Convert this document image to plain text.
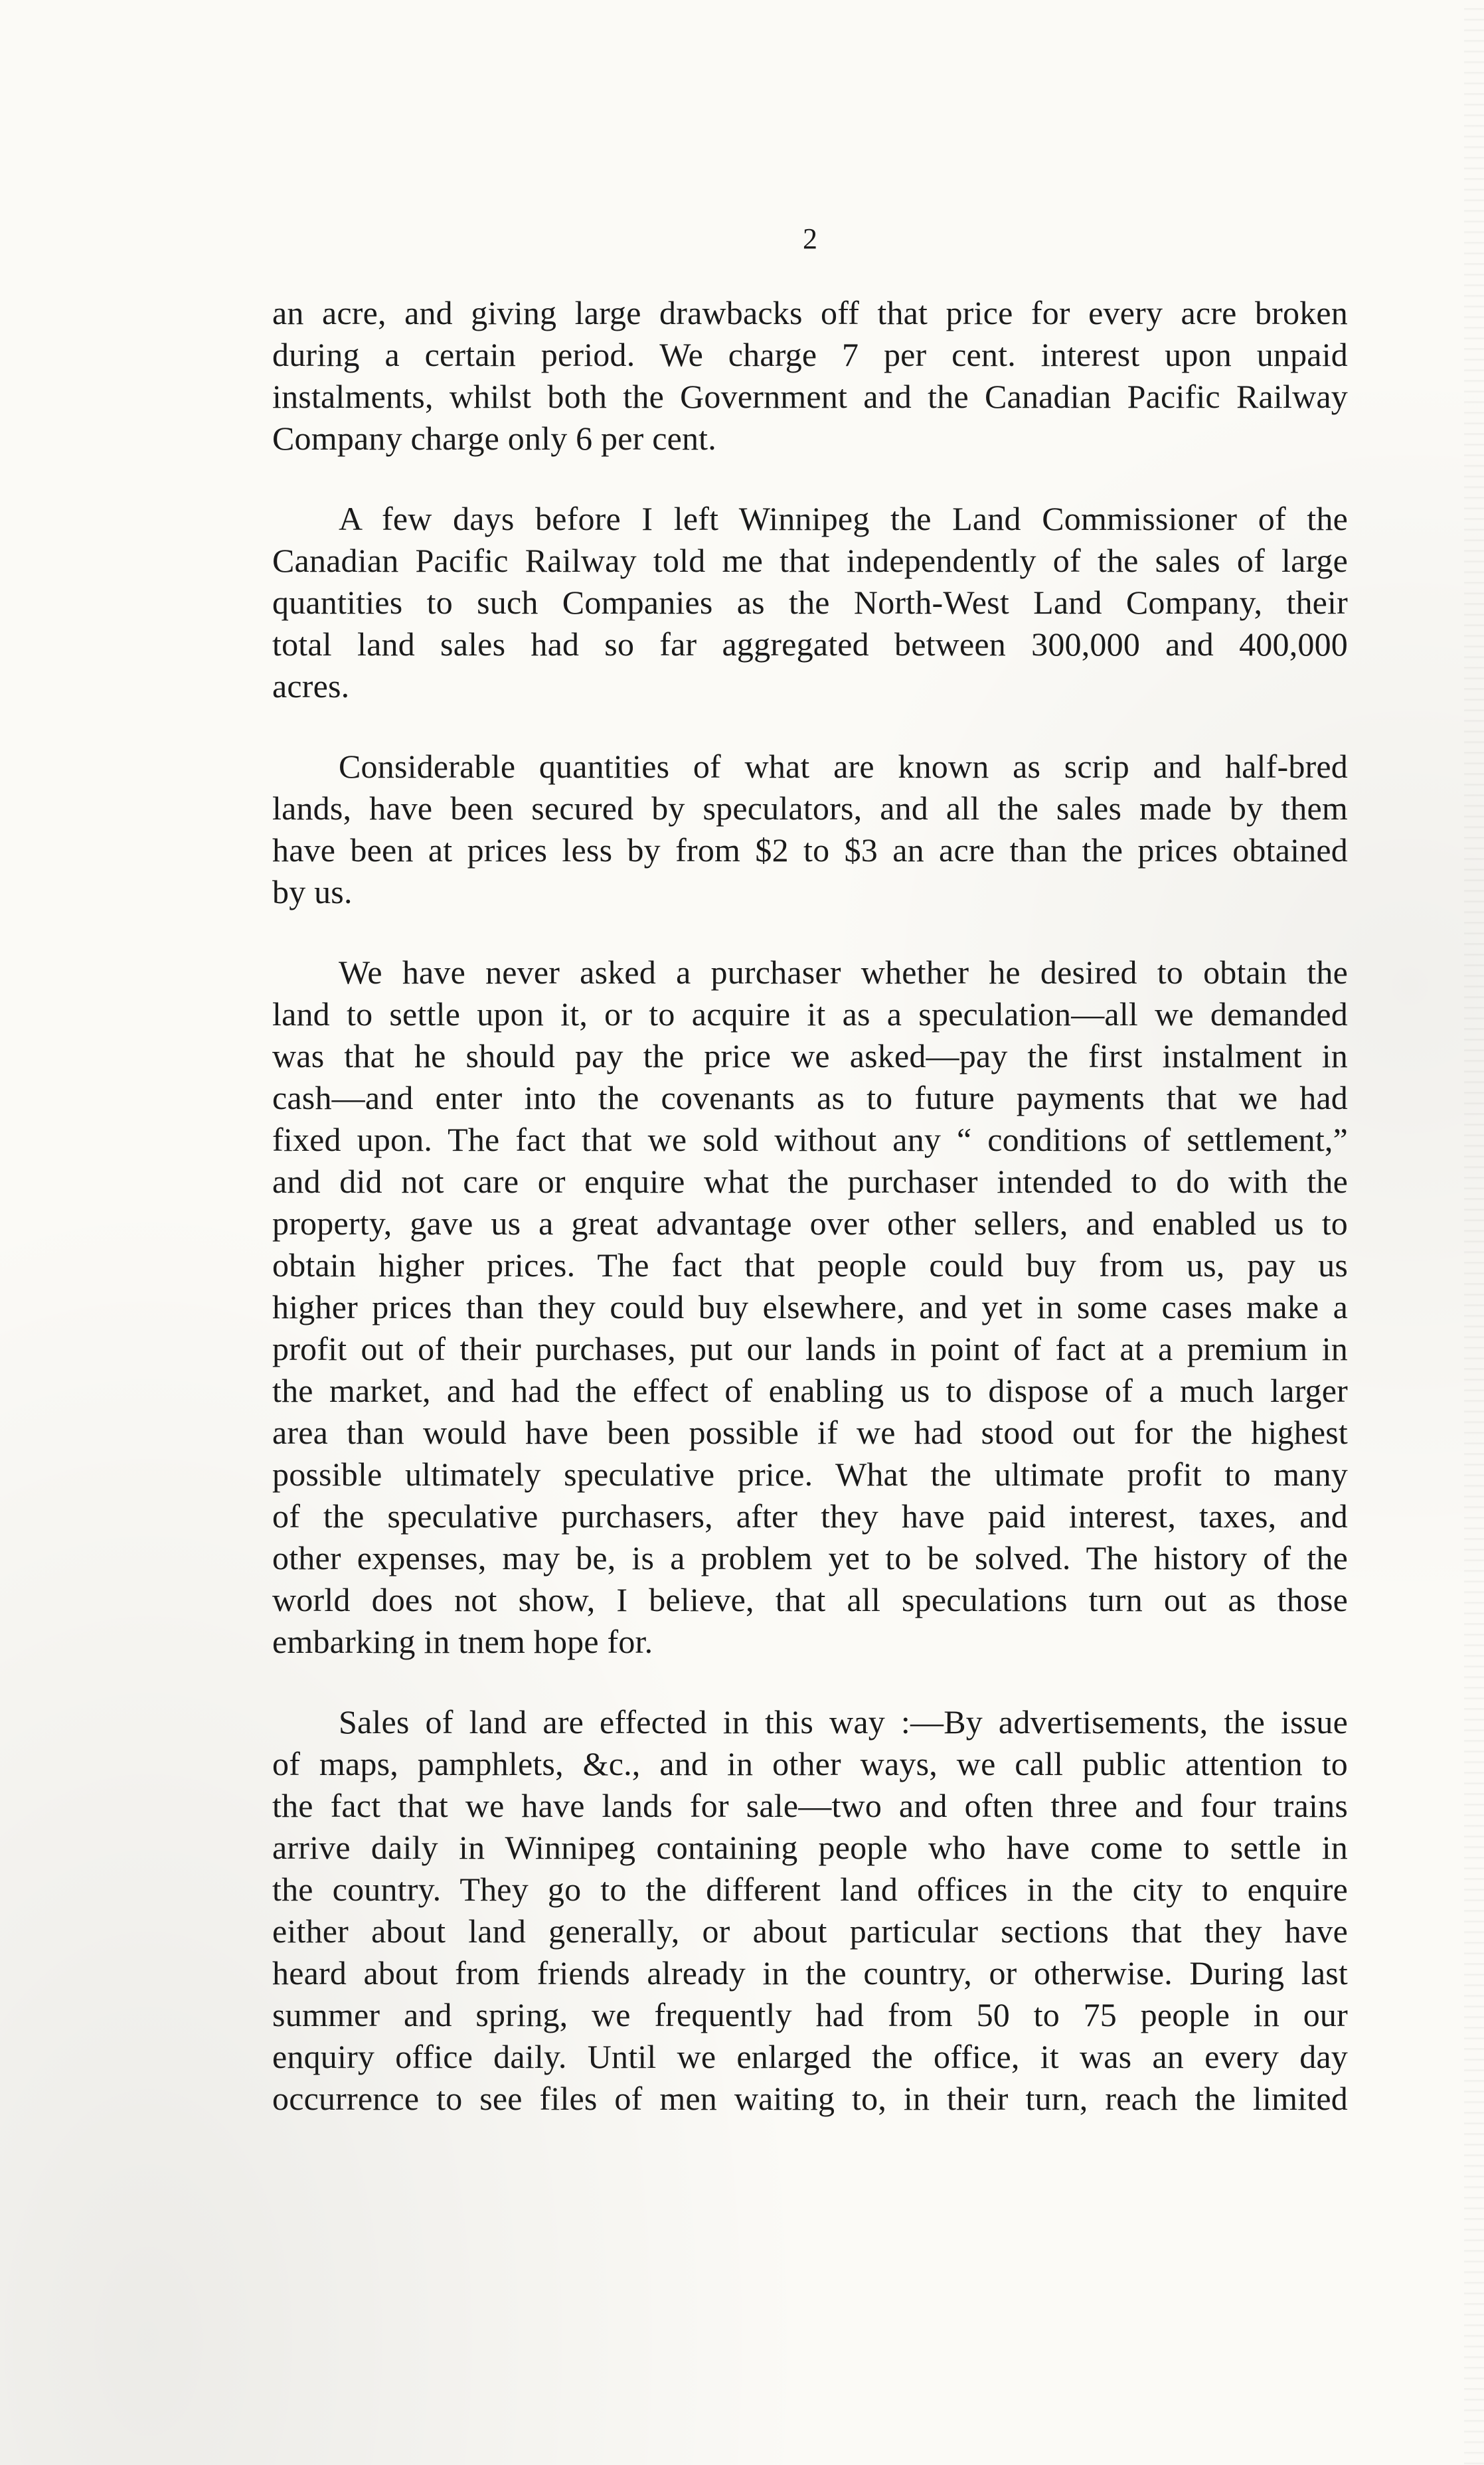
2
an acre, and giving large drawbacks off that price for every acre broken
during a certain period. We charge 7 per cent. interest upon unpaid
instalments, whilst both the Government and the Canadian Pacific Railway
Company charge only 6 per cent.
A few days before I left Winnipeg the Land Commissioner of the
Canadian Pacific Railway told me that independently of the sales of large
quantities to such Companies as the North-West Land Company, their
total land sales had so far aggregated between 300,000 and 400,000
acres.
Considerable quantities of what are known as scrip and half-bred
lands, have been secured by speculators, and all the sales made by them
have been at prices less by from $2 to $3 an acre than the prices obtained
by us.
We have never asked a purchaser whether he desired to obtain the
land to settle upon it, or to acquire it as a speculation—all we demanded
was that he should pay the price we asked—pay the first instalment in
cash—and enter into the covenants as to future payments that we had
fixed upon. The fact that we sold without any “ conditions of settlement,”
and did not care or enquire what the purchaser intended to do with the
property, gave us a great advantage over other sellers, and enabled us to
obtain higher prices. The fact that people could buy from us, pay us
higher prices than they could buy elsewhere, and yet in some cases make a
profit out of their purchases, put our lands in point of fact at a premium in
the market, and had the effect of enabling us to dispose of a much larger
area than would have been possible if we had stood out for the highest
possible ultimately speculative price. What the ultimate profit to many
of the speculative purchasers, after they have paid interest, taxes, and
other expenses, may be, is a problem yet to be solved. The history of the
world does not show, I believe, that all speculations turn out as those
embarking in tnem hope for.
Sales of land are effected in this way :—By advertisements, the issue
of maps, pamphlets, &c., and in other ways, we call public attention to
the fact that we have lands for sale—two and often three and four trains
arrive daily in Winnipeg containing people who have come to settle in
the country. They go to the different land offices in the city to enquire
either about land generally, or about particular sections that they have
heard about from friends already in the country, or otherwise. During last
summer and spring, we frequently had from 50 to 75 people in our
enquiry office daily. Until we enlarged the office, it was an every day
occurrence to see files of men waiting to, in their turn, reach the limited
